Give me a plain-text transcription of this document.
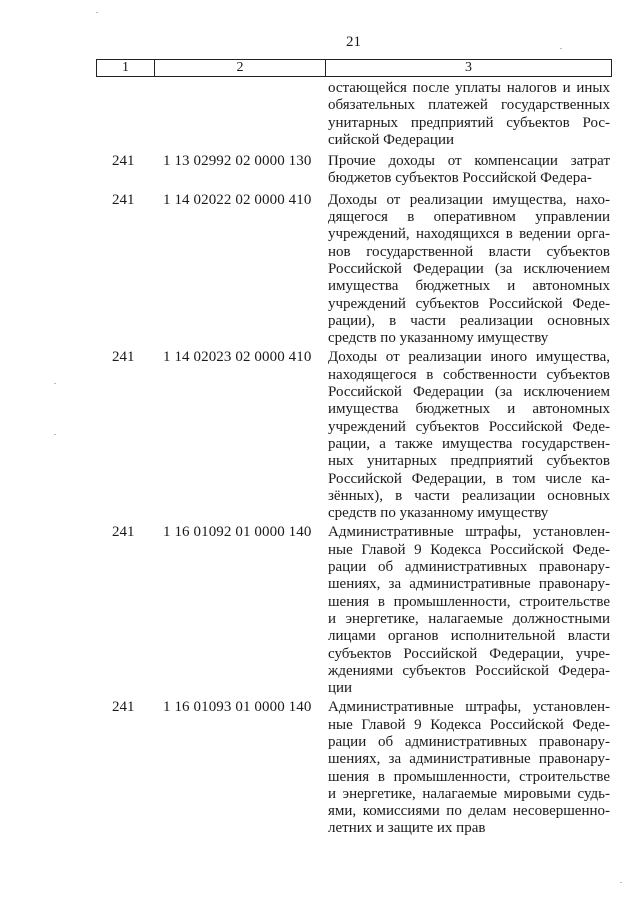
21
1	2	3
остающейся после уплаты налогов и иных
обязательных платежей государственных
унитарных предприятий субъектов Рос-
сийской Федерации
241 1 13 02992 02 0000 130 Прочие доходы от компенсации затрат
бюджетов субъектов Российской Федера-
241 1 14 02022 02 0000 410 Доходы от реализации имущества, нахо-
дящегося в оперативном управлении
учреждений, находящихся в ведении орга-
нов государственной власти субъектов
Российской Федерации (за исключением
имущества бюджетных и автономных
учреждений субъектов Российской Феде-
рации), в части реализации основных
средств по указанному имуществу
241 1 14 02023 02 0000 410 Доходы от реализации иного имущества,
находящегося в собственности субъектов
Российской Федерации (за исключением
имущества бюджетных и автономных
учреждений субъектов Российской Феде-
рации, а также имущества государствен-
ных унитарных предприятий субъектов
Российской Федерации, в том числе ка-
зённых), в части реализации основных
средств по указанному имуществу
241 1 16 01092 01 0000 140 Административные штрафы, установлен-
ные Главой 9 Кодекса Российской Феде-
рации об административных правонару-
шениях, за административные правонару-
шения в промышленности, строительстве
и энергетике, налагаемые должностными
лицами органов исполнительной власти
субъектов Российской Федерации, учре-
ждениями субъектов Российской Федера-
ции
241 1 16 01093 01 0000 140 Административные штрафы, установлен-
ные Главой 9 Кодекса Российской Феде-
рации об административных правонару-
шениях, за административные правонару-
шения в промышленности, строительстве
и энергетике, налагаемые мировыми судь-
ями, комиссиями по делам несовершенно-
летних и защите их прав
